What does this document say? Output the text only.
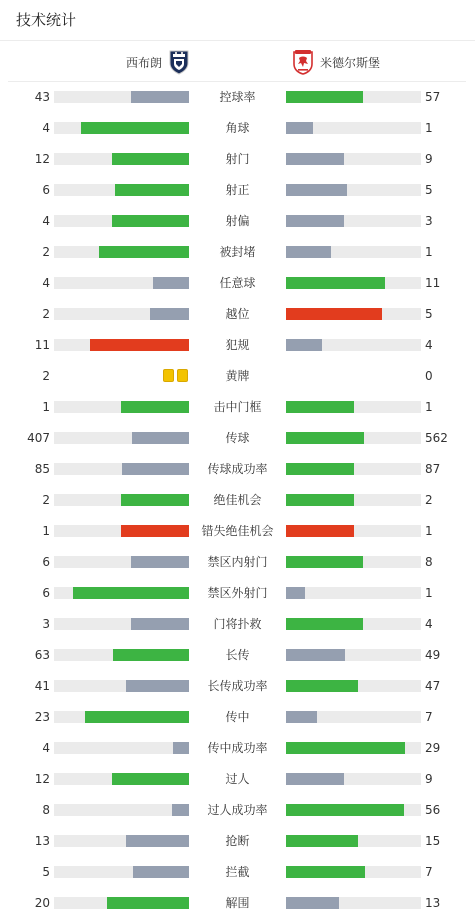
技术统计
西布朗	米德尔斯堡
43	控球率	57
4	角球	1
12	射门	9
6	射正	5
4	射偏	3
2	被封堵	1
4	任意球	11
2	越位	5
11	犯规	4
2	黄牌	0
1	击中门框	1
407	传球	562
85	传球成功率	87
2	绝佳机会	2
1	错失绝佳机会	1
6	禁区内射门	8
6	禁区外射门	1
3	门将扑救	4
63	长传	49
41	长传成功率	47
23	传中	7
4	传中成功率	29
12	过人	9
8	过人成功率	56
13	抢断	15
5	拦截	7
20	解围	13
